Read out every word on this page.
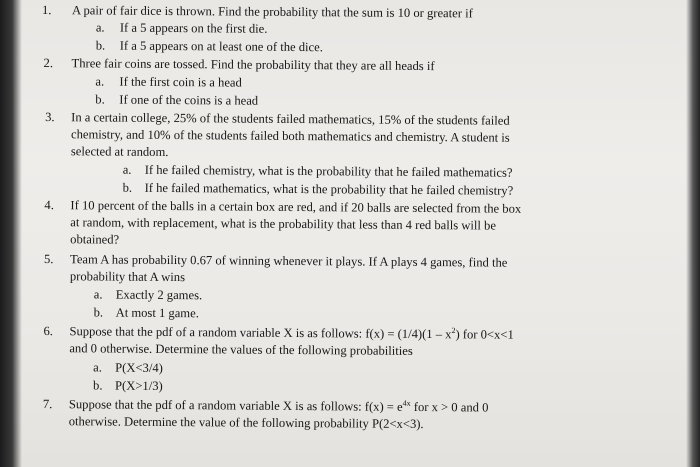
1. A pair of fair dice is thrown. Find the probability that the sum is 10 or greater if
a. If a 5 appears on the first die.
b. If a 5 appears on at least one of the dice.
2. Three fair coins are tossed. Find the probability that they are all heads if
a. If the first coin is a head
b. If one of the coins is a head
3. In a certain college, 25% of the students failed mathematics, 15% of the students failed
chemistry, and 10% of the students failed both mathematics and chemistry. A student is
selected at random.
a. If he failed chemistry, what is the probability that he failed mathematics?
b. If he failed mathematics, what is the probability that he failed chemistry?
4. If 10 percent of the balls in a certain box are red, and if 20 balls are selected from the box
at random, with replacement, what is the probability that less than 4 red balls will be
obtained?
5. Team A has probability 0.67 of winning whenever it plays. If A plays 4 games, find the
probability that A wins
a. Exactly 2 games.
b. At most 1 game.
6. Suppose that the pdf of a random variable X is as follows: $f(x) = (1/4)(1 - x^2)$ for 0<x<1
and 0 otherwise. Determine the values of the following probabilities
a. P(X<3/4)
b. P(X>1/3)
7. Suppose that the pdf of a random variable X is as follows: $f(x) = e^{4x}$ for x > 0 and 0
otherwise. Determine the value of the following probability P(2<x<3).
